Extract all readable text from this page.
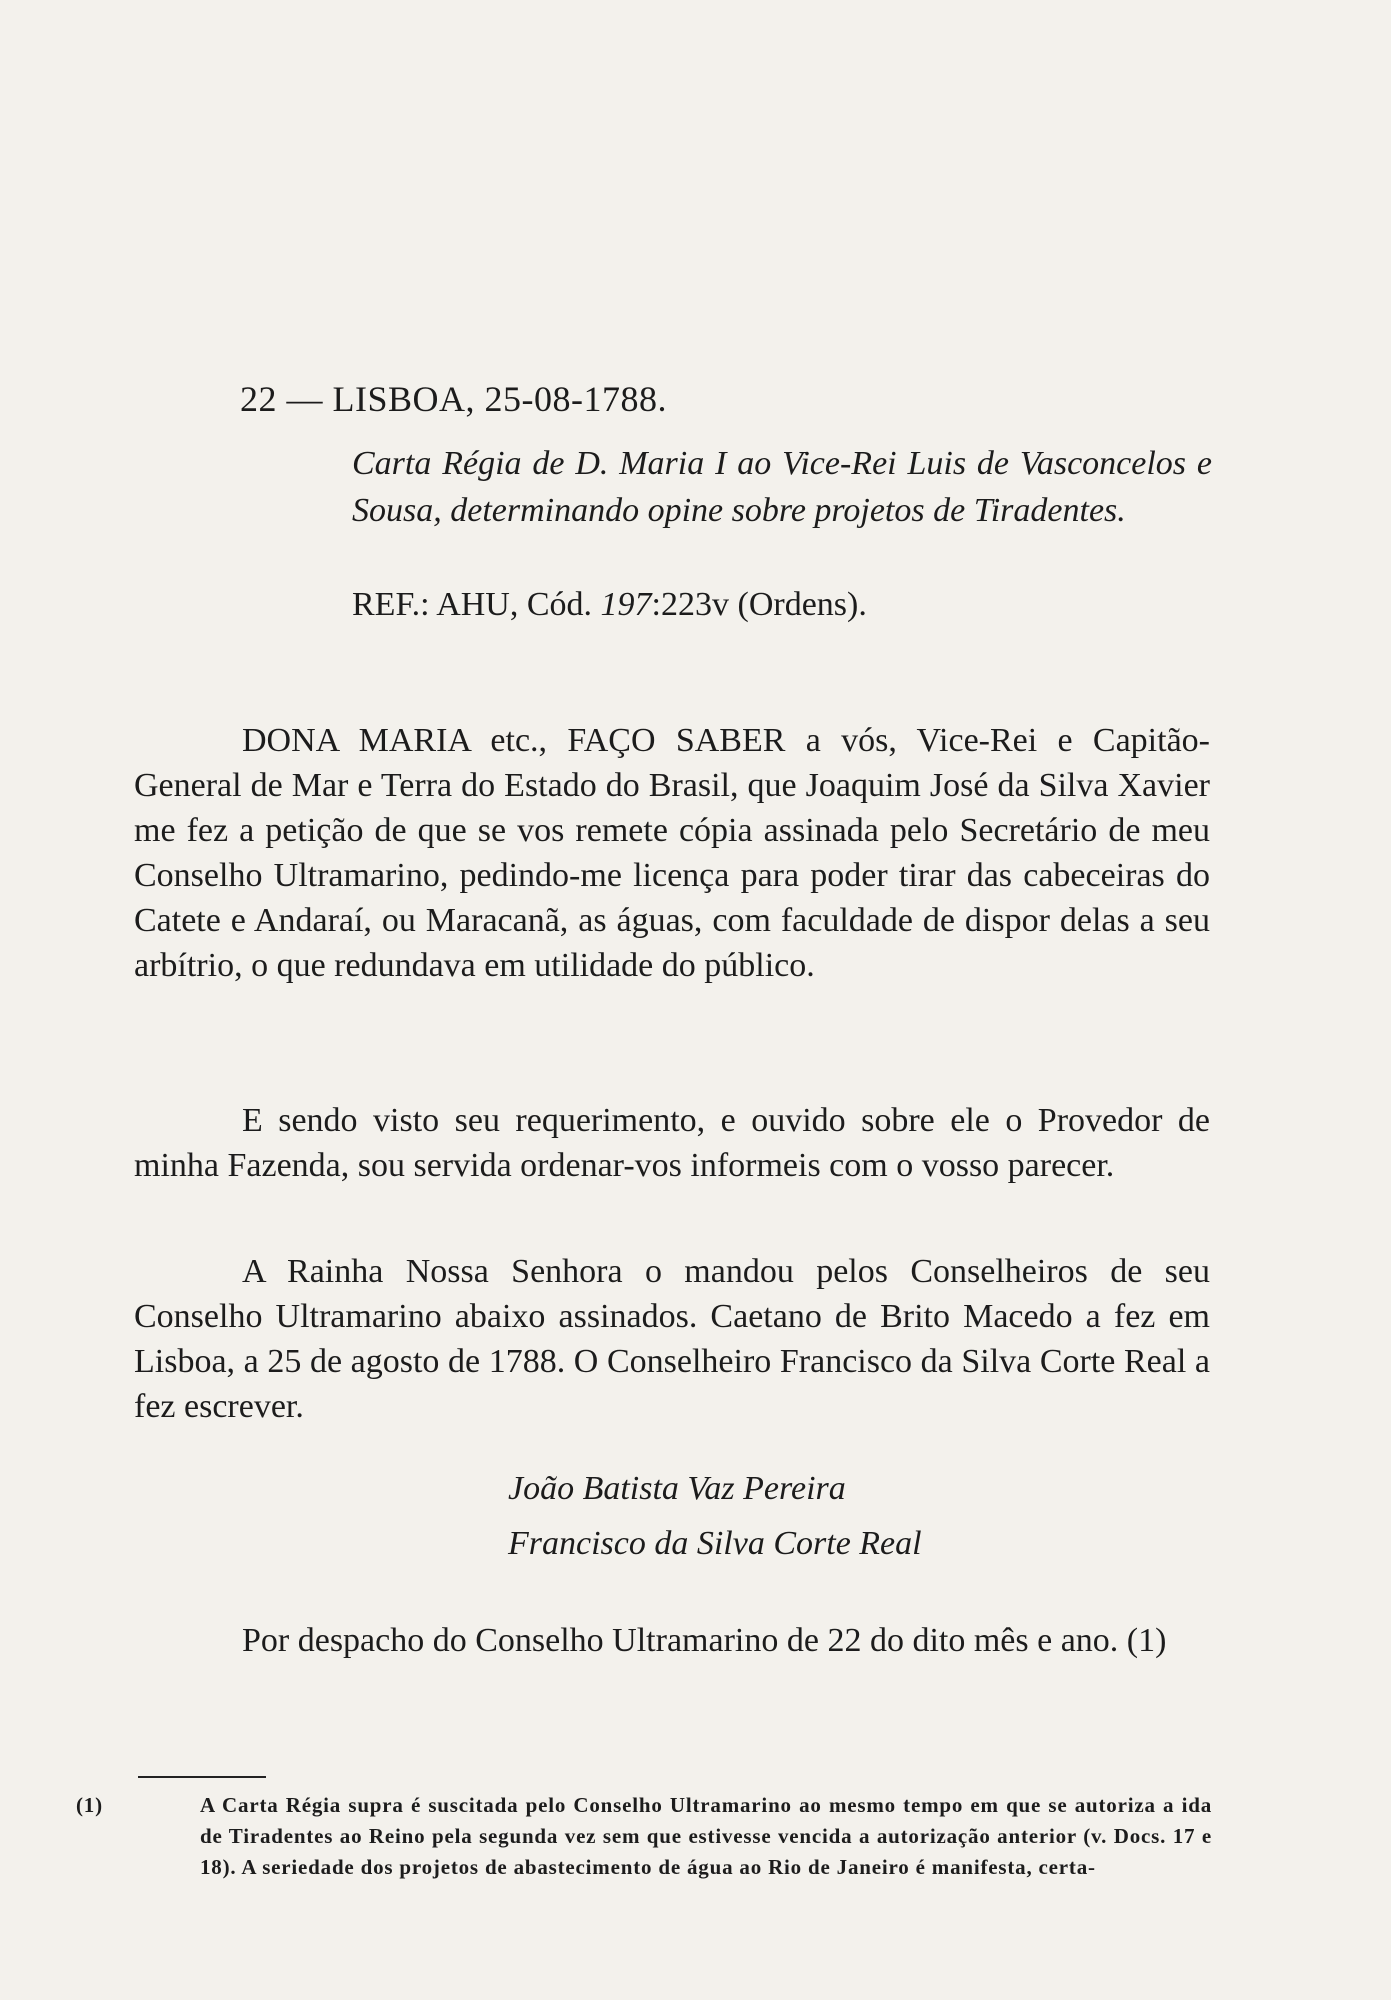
22 — LISBOA, 25-08-1788.
Carta Régia de D. Maria I ao Vice-Rei Luis de Vasconcelos e Sousa, determinando opine sobre projetos de Tiradentes.
REF.: AHU, Cód. 197:223v (Ordens).

DONA MARIA etc., FAÇO SABER a vós, Vice-Rei e Capitão-General de Mar e Terra do Estado do Brasil, que Joaquim José da Silva Xavier me fez a petição de que se vos remete cópia assinada pelo Secretário de meu Conselho Ultramarino, pedindo-me licença para poder tirar das cabeceiras do Catete e Andaraí, ou Maracanã, as águas, com faculdade de dispor delas a seu arbítrio, o que redundava em utilidade do público.

E sendo visto seu requerimento, e ouvido sobre ele o Provedor de minha Fazenda, sou servida ordenar-vos informeis com o vosso parecer.

A Rainha Nossa Senhora o mandou pelos Conselheiros de seu Conselho Ultramarino abaixo assinados. Caetano de Brito Macedo a fez em Lisboa, a 25 de agosto de 1788. O Conselheiro Francisco da Silva Corte Real a fez escrever.

João Batista Vaz Pereira
Francisco da Silva Corte Real

Por despacho do Conselho Ultramarino de 22 do dito mês e ano. (1)

(1)	A Carta Régia supra é suscitada pelo Conselho Ultramarino ao mesmo tempo em que se autoriza a ida de Tiradentes ao Reino pela segunda vez sem que estivesse vencida a autorização anterior (v. Docs. 17 e 18). A seriedade dos projetos de abastecimento de água ao Rio de Janeiro é manifesta, certa-
